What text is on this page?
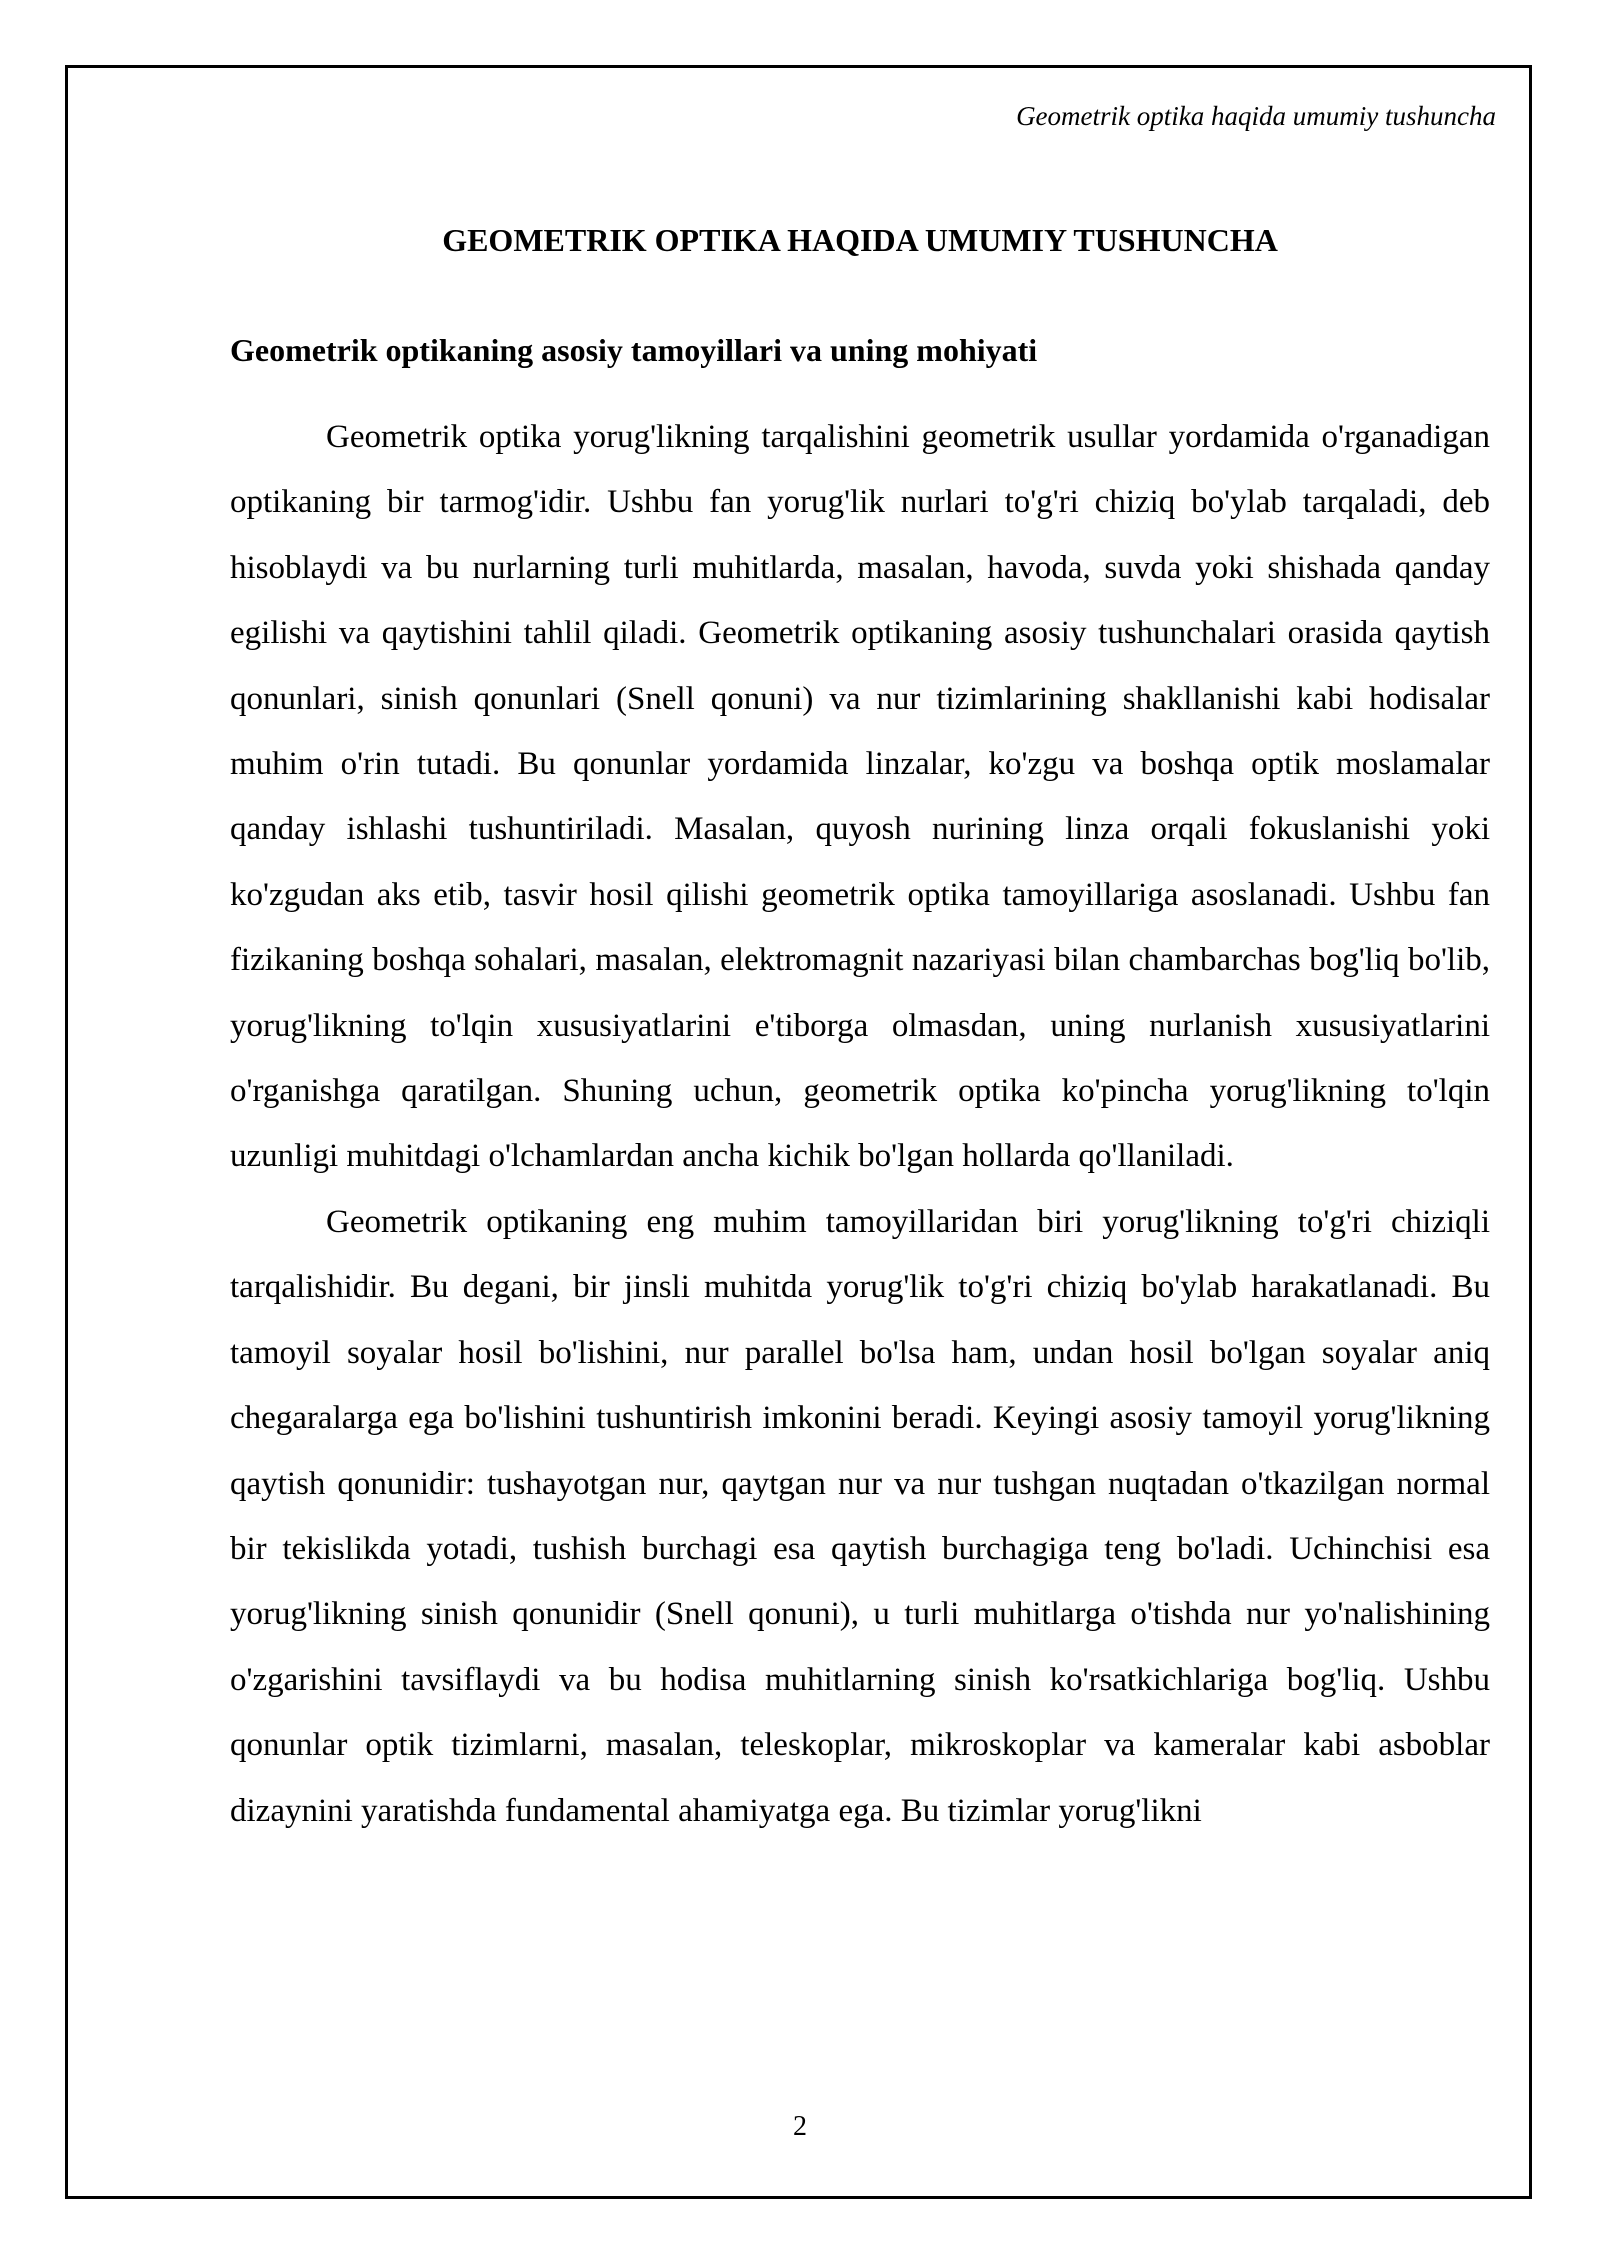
Geometrik optika haqida umumiy tushuncha
GEOMETRIK OPTIKA HAQIDA UMUMIY TUSHUNCHA
Geometrik optikaning asosiy tamoyillari va uning mohiyati

Geometrik optika yorug'likning tarqalishini geometrik usullar yordamida o'rganadigan optikaning bir tarmog'idir. Ushbu fan yorug'lik nurlari to'g'ri chiziq bo'ylab tarqaladi, deb hisoblaydi va bu nurlarning turli muhitlarda, masalan, havoda, suvda yoki shishada qanday egilishi va qaytishini tahlil qiladi. Geometrik optikaning asosiy tushunchalari orasida qaytish qonunlari, sinish qonunlari (Snell qonuni) va nur tizimlarining shakllanishi kabi hodisalar muhim o'rin tutadi. Bu qonunlar yordamida linzalar, ko'zgu va boshqa optik moslamalar qanday ishlashi tushuntiriladi. Masalan, quyosh nurining linza orqali fokuslanishi yoki ko'zgudan aks etib, tasvir hosil qilishi geometrik optika tamoyillariga asoslanadi. Ushbu fan fizikaning boshqa sohalari, masalan, elektromagnit nazariyasi bilan chambarchas bog'liq bo'lib, yorug'likning to'lqin xususiyatlarini e'tiborga olmasdan, uning nurlanish xususiyatlarini o'rganishga qaratilgan. Shuning uchun, geometrik optika ko'pincha yorug'likning to'lqin uzunligi muhitdagi o'lchamlardan ancha kichik bo'lgan hollarda qo'llaniladi.

Geometrik optikaning eng muhim tamoyillaridan biri yorug'likning to'g'ri chiziqli tarqalishidir. Bu degani, bir jinsli muhitda yorug'lik to'g'ri chiziq bo'ylab harakatlanadi. Bu tamoyil soyalar hosil bo'lishini, nur parallel bo'lsa ham, undan hosil bo'lgan soyalar aniq chegaralarga ega bo'lishini tushuntirish imkonini beradi. Keyingi asosiy tamoyil yorug'likning qaytish qonunidir: tushayotgan nur, qaytgan nur va nur tushgan nuqtadan o'tkazilgan normal bir tekislikda yotadi, tushish burchagi esa qaytish burchagiga teng bo'ladi. Uchinchisi esa yorug'likning sinish qonunidir (Snell qonuni), u turli muhitlarga o'tishda nur yo'nalishining o'zgarishini tavsiflaydi va bu hodisa muhitlarning sinish ko'rsatkichlariga bog'liq. Ushbu qonunlar optik tizimlarni, masalan, teleskoplar, mikroskoplar va kameralar kabi asboblar dizaynini yaratishda fundamental ahamiyatga ega. Bu tizimlar yorug'likni

2
